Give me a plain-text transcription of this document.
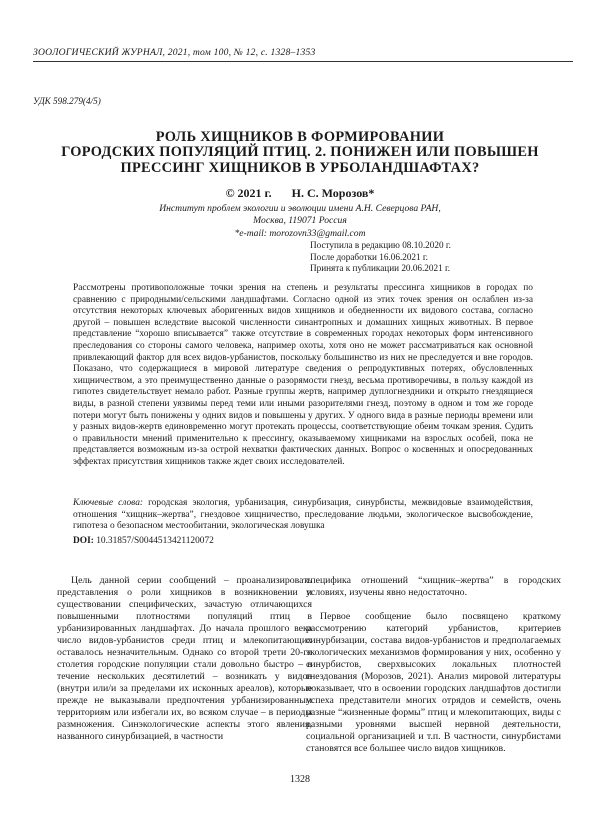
ЗООЛОГИЧЕСКИЙ ЖУРНАЛ, 2021, том 100, № 12, с. 1328–1353
УДК 598.279(4/5)
РОЛЬ ХИЩНИКОВ В ФОРМИРОВАНИИ
ГОРОДСКИХ ПОПУЛЯЦИЙ ПТИЦ. 2. ПОНИЖЕН ИЛИ ПОВЫШЕН
ПРЕССИНГ ХИЩНИКОВ В УРБОЛАНДШАФТАХ?
© 2021 г. Н. С. Морозов*
Институт проблем экологии и эволюции имени А.Н. Северцова РАН,
Москва, 119071 Россия
*e-mail: morozovn33@gmail.com
Поступила в редакцию 08.10.2020 г.
После доработки 16.06.2021 г.
Принята к публикации 20.06.2021 г.
Рассмотрены противоположные точки зрения на степень и результаты прессинга хищников в городах по сравнению с природными/сельскими ландшафтами. Согласно одной из этих точек зрения он ослаблен из-за отсутствия некоторых ключевых аборигенных видов хищников и обедненности их видового состава, согласно другой – повышен вследствие высокой численности синантропных и домашних хищных животных. В первое представление “хорошо вписывается” также отсутствие в современных городах некоторых форм интенсивного преследования со стороны самого человека, например охоты, хотя оно не может рассматриваться как основной привлекающий фактор для всех видов-урбанистов, поскольку большинство из них не преследуется и вне городов. Показано, что содержащиеся в мировой литературе сведения о репродуктивных потерях, обусловленных хищничеством, а это преимущественно данные о разорямости гнезд, весьма противоречивы, в пользу каждой из гипотез свидетельствует немало работ. Разные группы жертв, например дуплогнездники и открыто гнездящиеся виды, в разной степени уязвимы перед теми или иными разорителями гнезд, поэтому в одном и том же городе потери могут быть понижены у одних видов и повышены у других. У одного вида в разные периоды времени или у разных видов-жертв единовременно могут протекать процессы, соответствующие обеим точкам зрения. Судить о правильности мнений применительно к прессингу, оказываемому хищниками на взрослых особей, пока не представляется возможным из-за острой нехватки фактических данных. Вопрос о косвенных и опосредованных эффектах присутствия хищников также ждет своих исследователей.
Ключевые слова: городская экология, урбанизация, синурбизация, синурбисты, межвидовые взаимодействия, отношения “хищник–жертва”, гнездовое хищничество, преследование людьми, экологическое высвобождение, гипотеза о безопасном местообитании, экологическая ловушка
DOI: 10.31857/S0044513421120072

Цель данной серии сообщений – проанализировать представления о роли хищников в возникновении и существовании специфических, зачастую отличающихся повышенными плотностями популяций птиц в урбанизированных ландшафтах. До начала прошлого века число видов-урбанистов среди птиц и млекопитающих оставалось незначительным. Однако со второй трети 20-го столетия городские популяции стали довольно быстро – в течение нескольких десятилетий – возникать у видов (внутри или/и за пределами их исконных ареалов), которые прежде не выказывали предпочтения урбанизированным территориям или избегали их, во всяком случае – в периоды размножения. Синэкологические аспекты этого явления, названного синурбизацией, в частности

специфика отношений “хищник–жертва” в городских условиях, изучены явно недостаточно.

Первое сообщение было посвящено краткому рассмотрению категорий урбанистов, критериев синурбизации, состава видов-урбанистов и предполагаемых экологических механизмов формирования у них, особенно у синурбистов, сверхвысоких локальных плотностей гнездования (Морозов, 2021). Анализ мировой литературы показывает, что в освоении городских ландшафтов достигли успеха представители многих отрядов и семейств, очень разные “жизненные формы” птиц и млекопитающих, виды с разными уровнями высшей нервной деятельности, социальной организацией и т.п. В частности, синурбистами становятся все большее число видов хищников.

1328
